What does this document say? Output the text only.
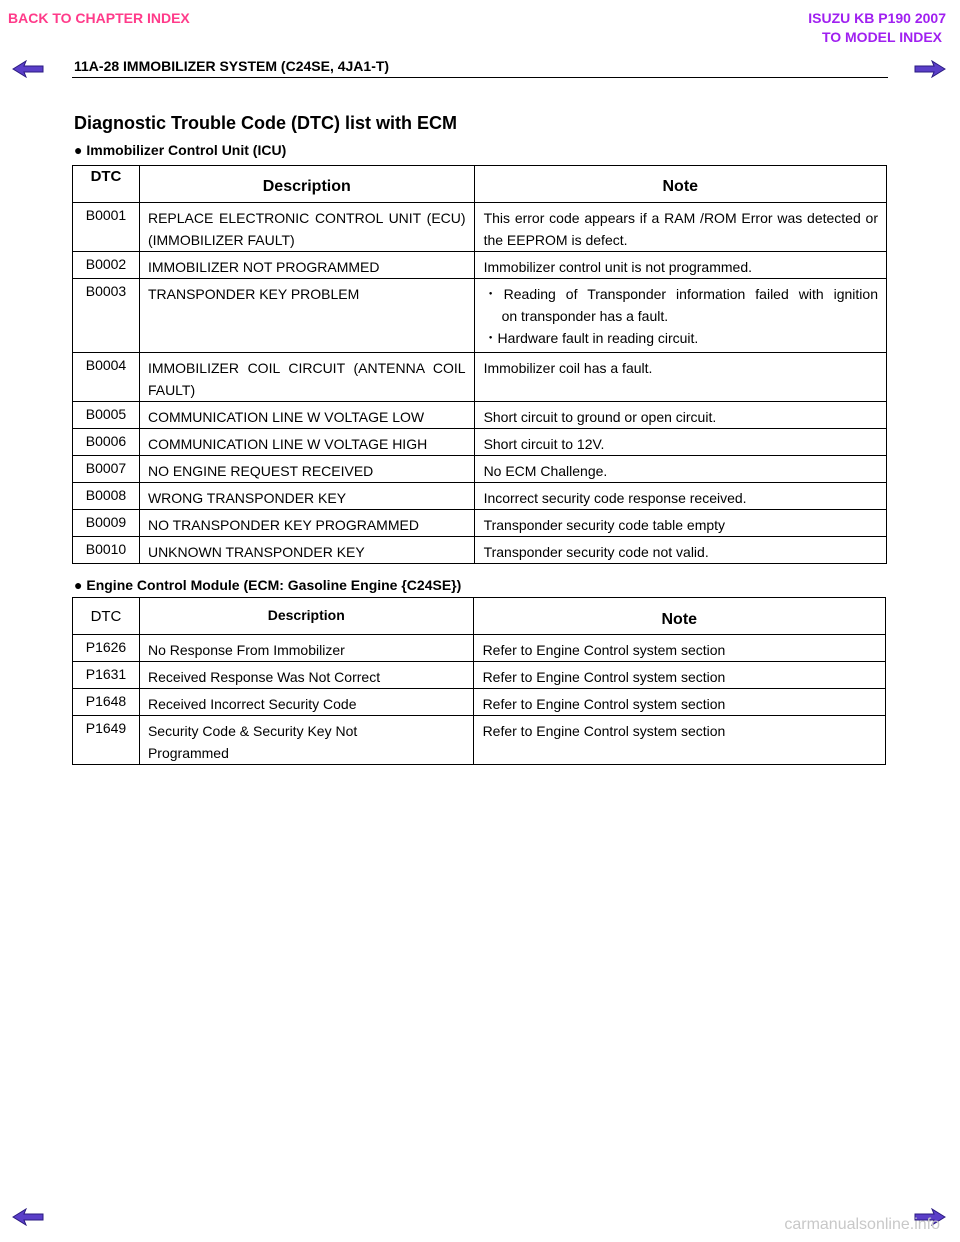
BACK TO CHAPTER INDEX	ISUZU KB P190 2007
TO MODEL INDEX
11A-28 IMMOBILIZER SYSTEM (C24SE, 4JA1-T)
Diagnostic Trouble Code (DTC) list with ECM
● Immobilizer Control Unit (ICU)
DTC	Description	Note
B0001	REPLACE ELECTRONIC CONTROL UNIT (ECU) (IMMOBILIZER FAULT)	This error code appears if a RAM /ROM Error was detected or the EEPROM is defect.
B0002	IMMOBILIZER NOT PROGRAMMED	Immobilizer control unit is not programmed.
B0003	TRANSPONDER KEY PROBLEM	・Reading of Transponder information failed with ignition
on transponder has a fault.
・Hardware fault in reading circuit.

B0004	IMMOBILIZER COIL CIRCUIT (ANTENNA COIL FAULT)	Immobilizer coil has a fault.
B0005	COMMUNICATION LINE W VOLTAGE LOW	Short circuit to ground or open circuit.
B0006	COMMUNICATION LINE W VOLTAGE HIGH	Short circuit to 12V.
B0007	NO ENGINE REQUEST RECEIVED	No ECM Challenge.
B0008	WRONG TRANSPONDER KEY	Incorrect security code response received.
B0009	NO TRANSPONDER KEY PROGRAMMED	Transponder security code table empty
B0010	UNKNOWN TRANSPONDER KEY	Transponder security code not valid.
● Engine Control Module (ECM: Gasoline Engine {C24SE})
DTC	Description	Note
P1626	No Response From Immobilizer	Refer to Engine Control system section
P1631	Received Response Was Not Correct	Refer to Engine Control system section
P1648	Received Incorrect Security Code	Refer to Engine Control system section
P1649	Security Code & Security Key Not
Programmed	Refer to Engine Control system section
carmanualsonline.info
